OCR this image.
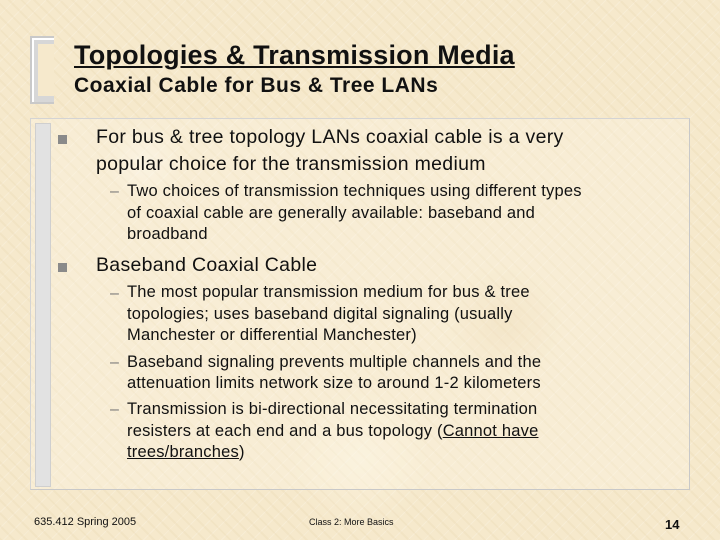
Topologies & Transmission Media
Coaxial Cable for Bus & Tree LANs
For bus & tree topology LANs coaxial cable is a very
popular choice for the transmission medium
– Two choices of transmission techniques using different types
of coaxial cable are generally available: baseband and
broadband
Baseband Coaxial Cable
– The most popular transmission medium for bus & tree
topologies; uses baseband digital signaling (usually
Manchester or differential Manchester)
– Baseband signaling prevents multiple channels and the
attenuation limits network size to around 1-2 kilometers
– Transmission is bi-directional necessitating termination
resisters at each end and a bus topology (Cannot have
trees/branches)
635.412 Spring 2005	Class 2: More Basics	14
